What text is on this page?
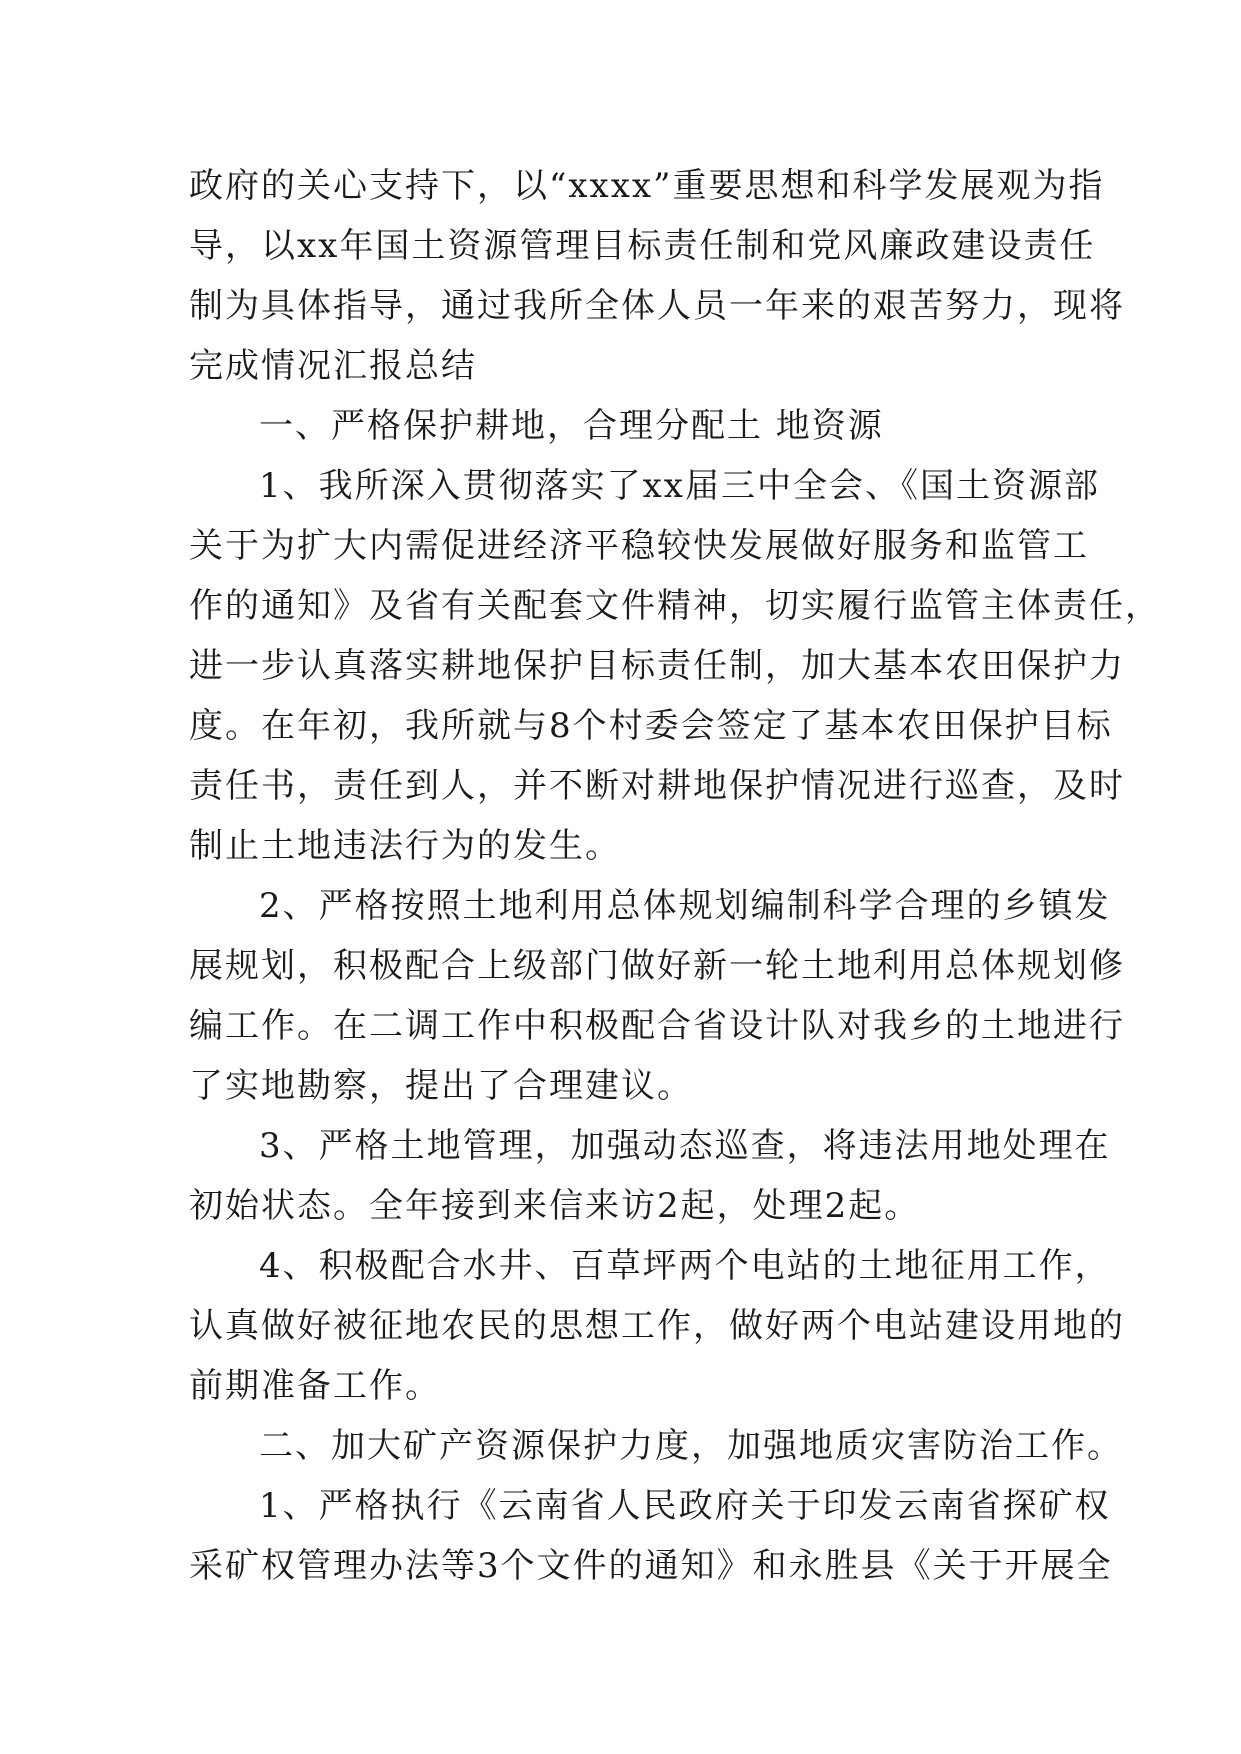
政府的关心支持下，以“xxxx”重要思想和科学发展观为指
导，以xx年国土资源管理目标责任制和党风廉政建设责任
制为具体指导，通过我所全体人员一年来的艰苦努力，现将
完成情况汇报总结
一、严格保护耕地，合理分配土 地资源
1、我所深入贯彻落实了xx届三中全会、《国土资源部
关于为扩大内需促进经济平稳较快发展做好服务和监管工
作的通知》及省有关配套文件精神，切实履行监管主体责任，
进一步认真落实耕地保护目标责任制，加大基本农田保护力
度。在年初，我所就与8个村委会签定了基本农田保护目标
责任书，责任到人，并不断对耕地保护情况进行巡查，及时
制止土地违法行为的发生。
2、严格按照土地利用总体规划编制科学合理的乡镇发
展规划，积极配合上级部门做好新一轮土地利用总体规划修
编工作。在二调工作中积极配合省设计队对我乡的土地进行
了实地勘察，提出了合理建议。
3、严格土地管理，加强动态巡查，将违法用地处理在
初始状态。全年接到来信来访2起，处理2起。
4、积极配合水井、百草坪两个电站的土地征用工作，
认真做好被征地农民的思想工作，做好两个电站建设用地的
前期准备工作。
二、加大矿产资源保护力度，加强地质灾害防治工作。
1、严格执行《云南省人民政府关于印发云南省探矿权
采矿权管理办法等3个文件的通知》和永胜县《关于开展全
